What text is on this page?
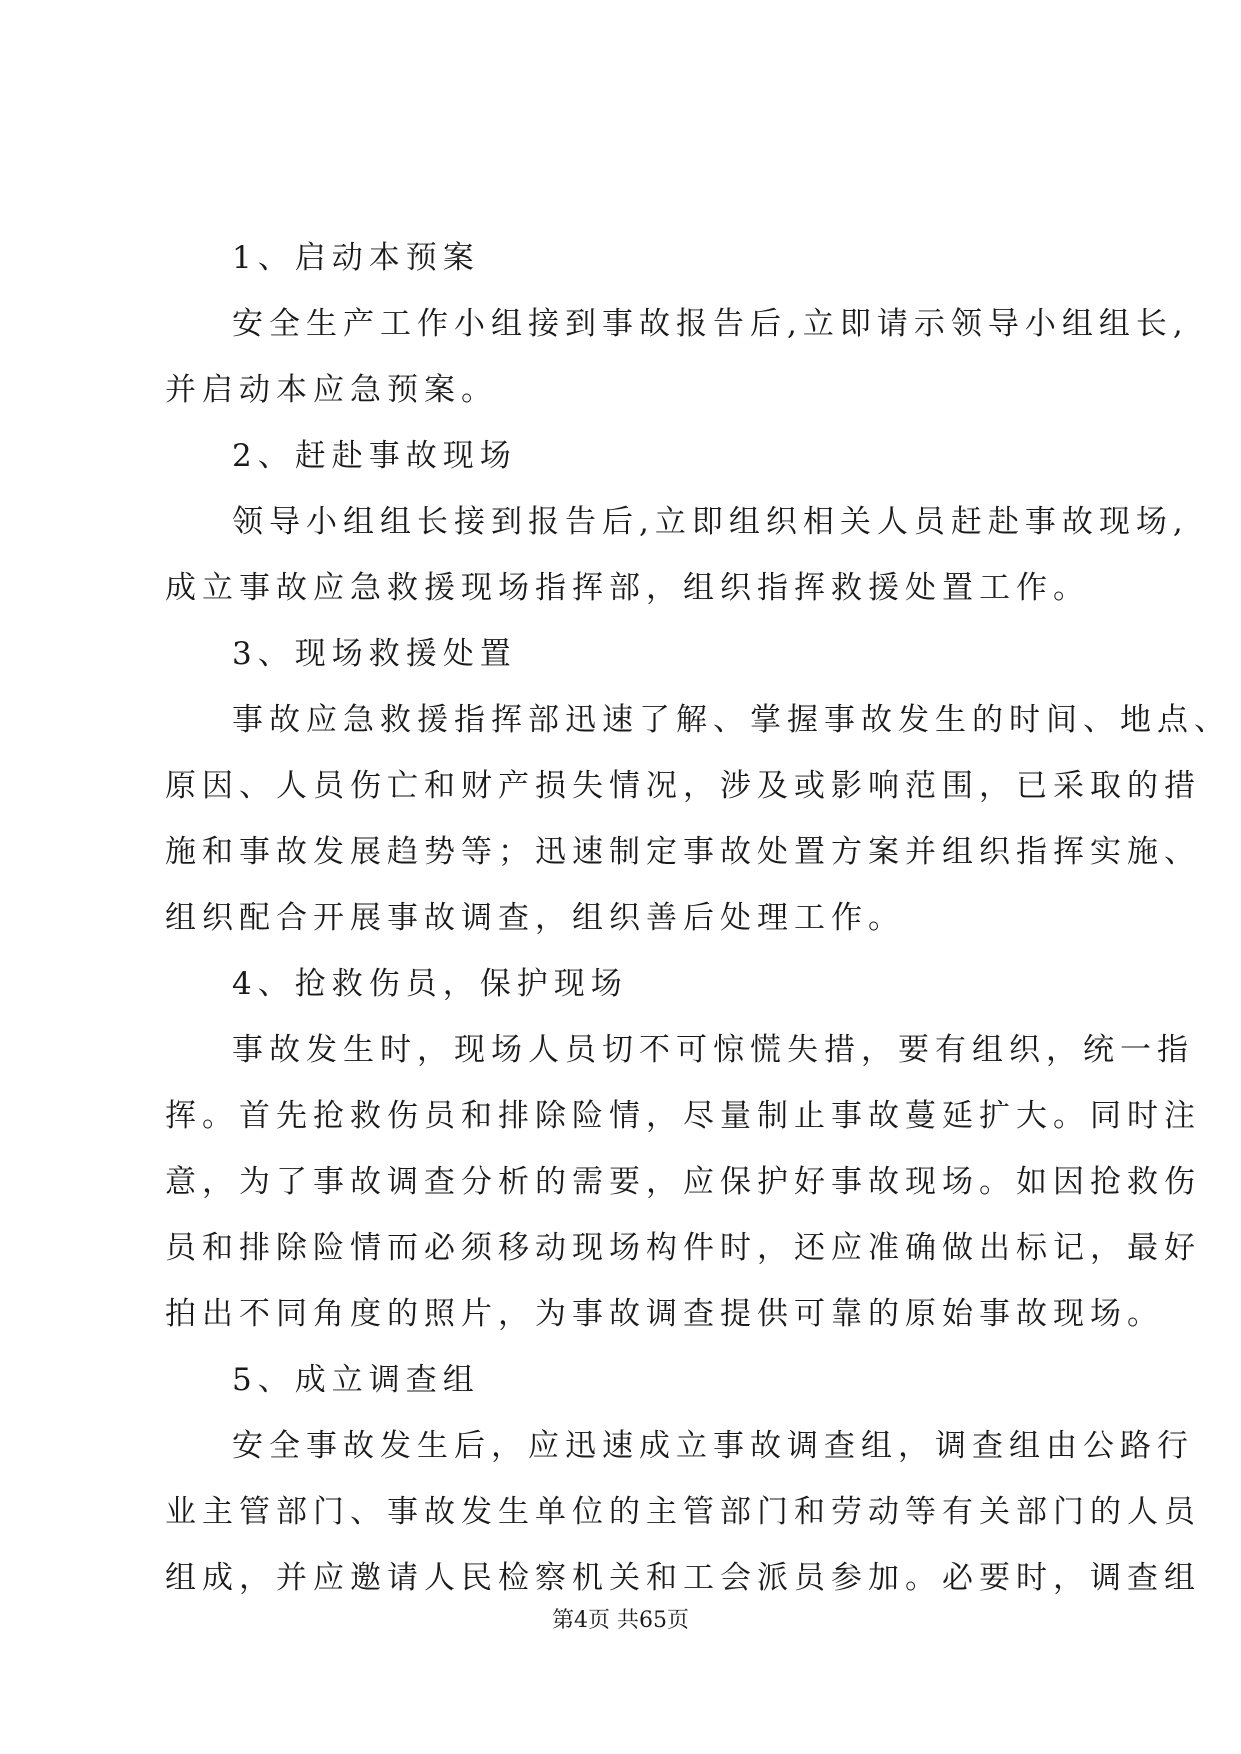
1、启动本预案
安全生产工作小组接到事故报告后,立即请示领导小组组长,
并启动本应急预案。
2、赶赴事故现场
领导小组组长接到报告后,立即组织相关人员赶赴事故现场,
成立事故应急救援现场指挥部，组织指挥救援处置工作。
3、现场救援处置
事故应急救援指挥部迅速了解、掌握事故发生的时间、地点、
原因、人员伤亡和财产损失情况，涉及或影响范围，已采取的措
施和事故发展趋势等；迅速制定事故处置方案并组织指挥实施、
组织配合开展事故调查，组织善后处理工作。
4、抢救伤员，保护现场
事故发生时，现场人员切不可惊慌失措，要有组织，统一指
挥。首先抢救伤员和排除险情，尽量制止事故蔓延扩大。同时注
意，为了事故调查分析的需要，应保护好事故现场。如因抢救伤
员和排除险情而必须移动现场构件时，还应准确做出标记，最好
拍出不同角度的照片，为事故调查提供可靠的原始事故现场。
5、成立调查组
安全事故发生后，应迅速成立事故调查组，调查组由公路行
业主管部门、事故发生单位的主管部门和劳动等有关部门的人员
组成，并应邀请人民检察机关和工会派员参加。必要时，调查组
第4页 共65页
